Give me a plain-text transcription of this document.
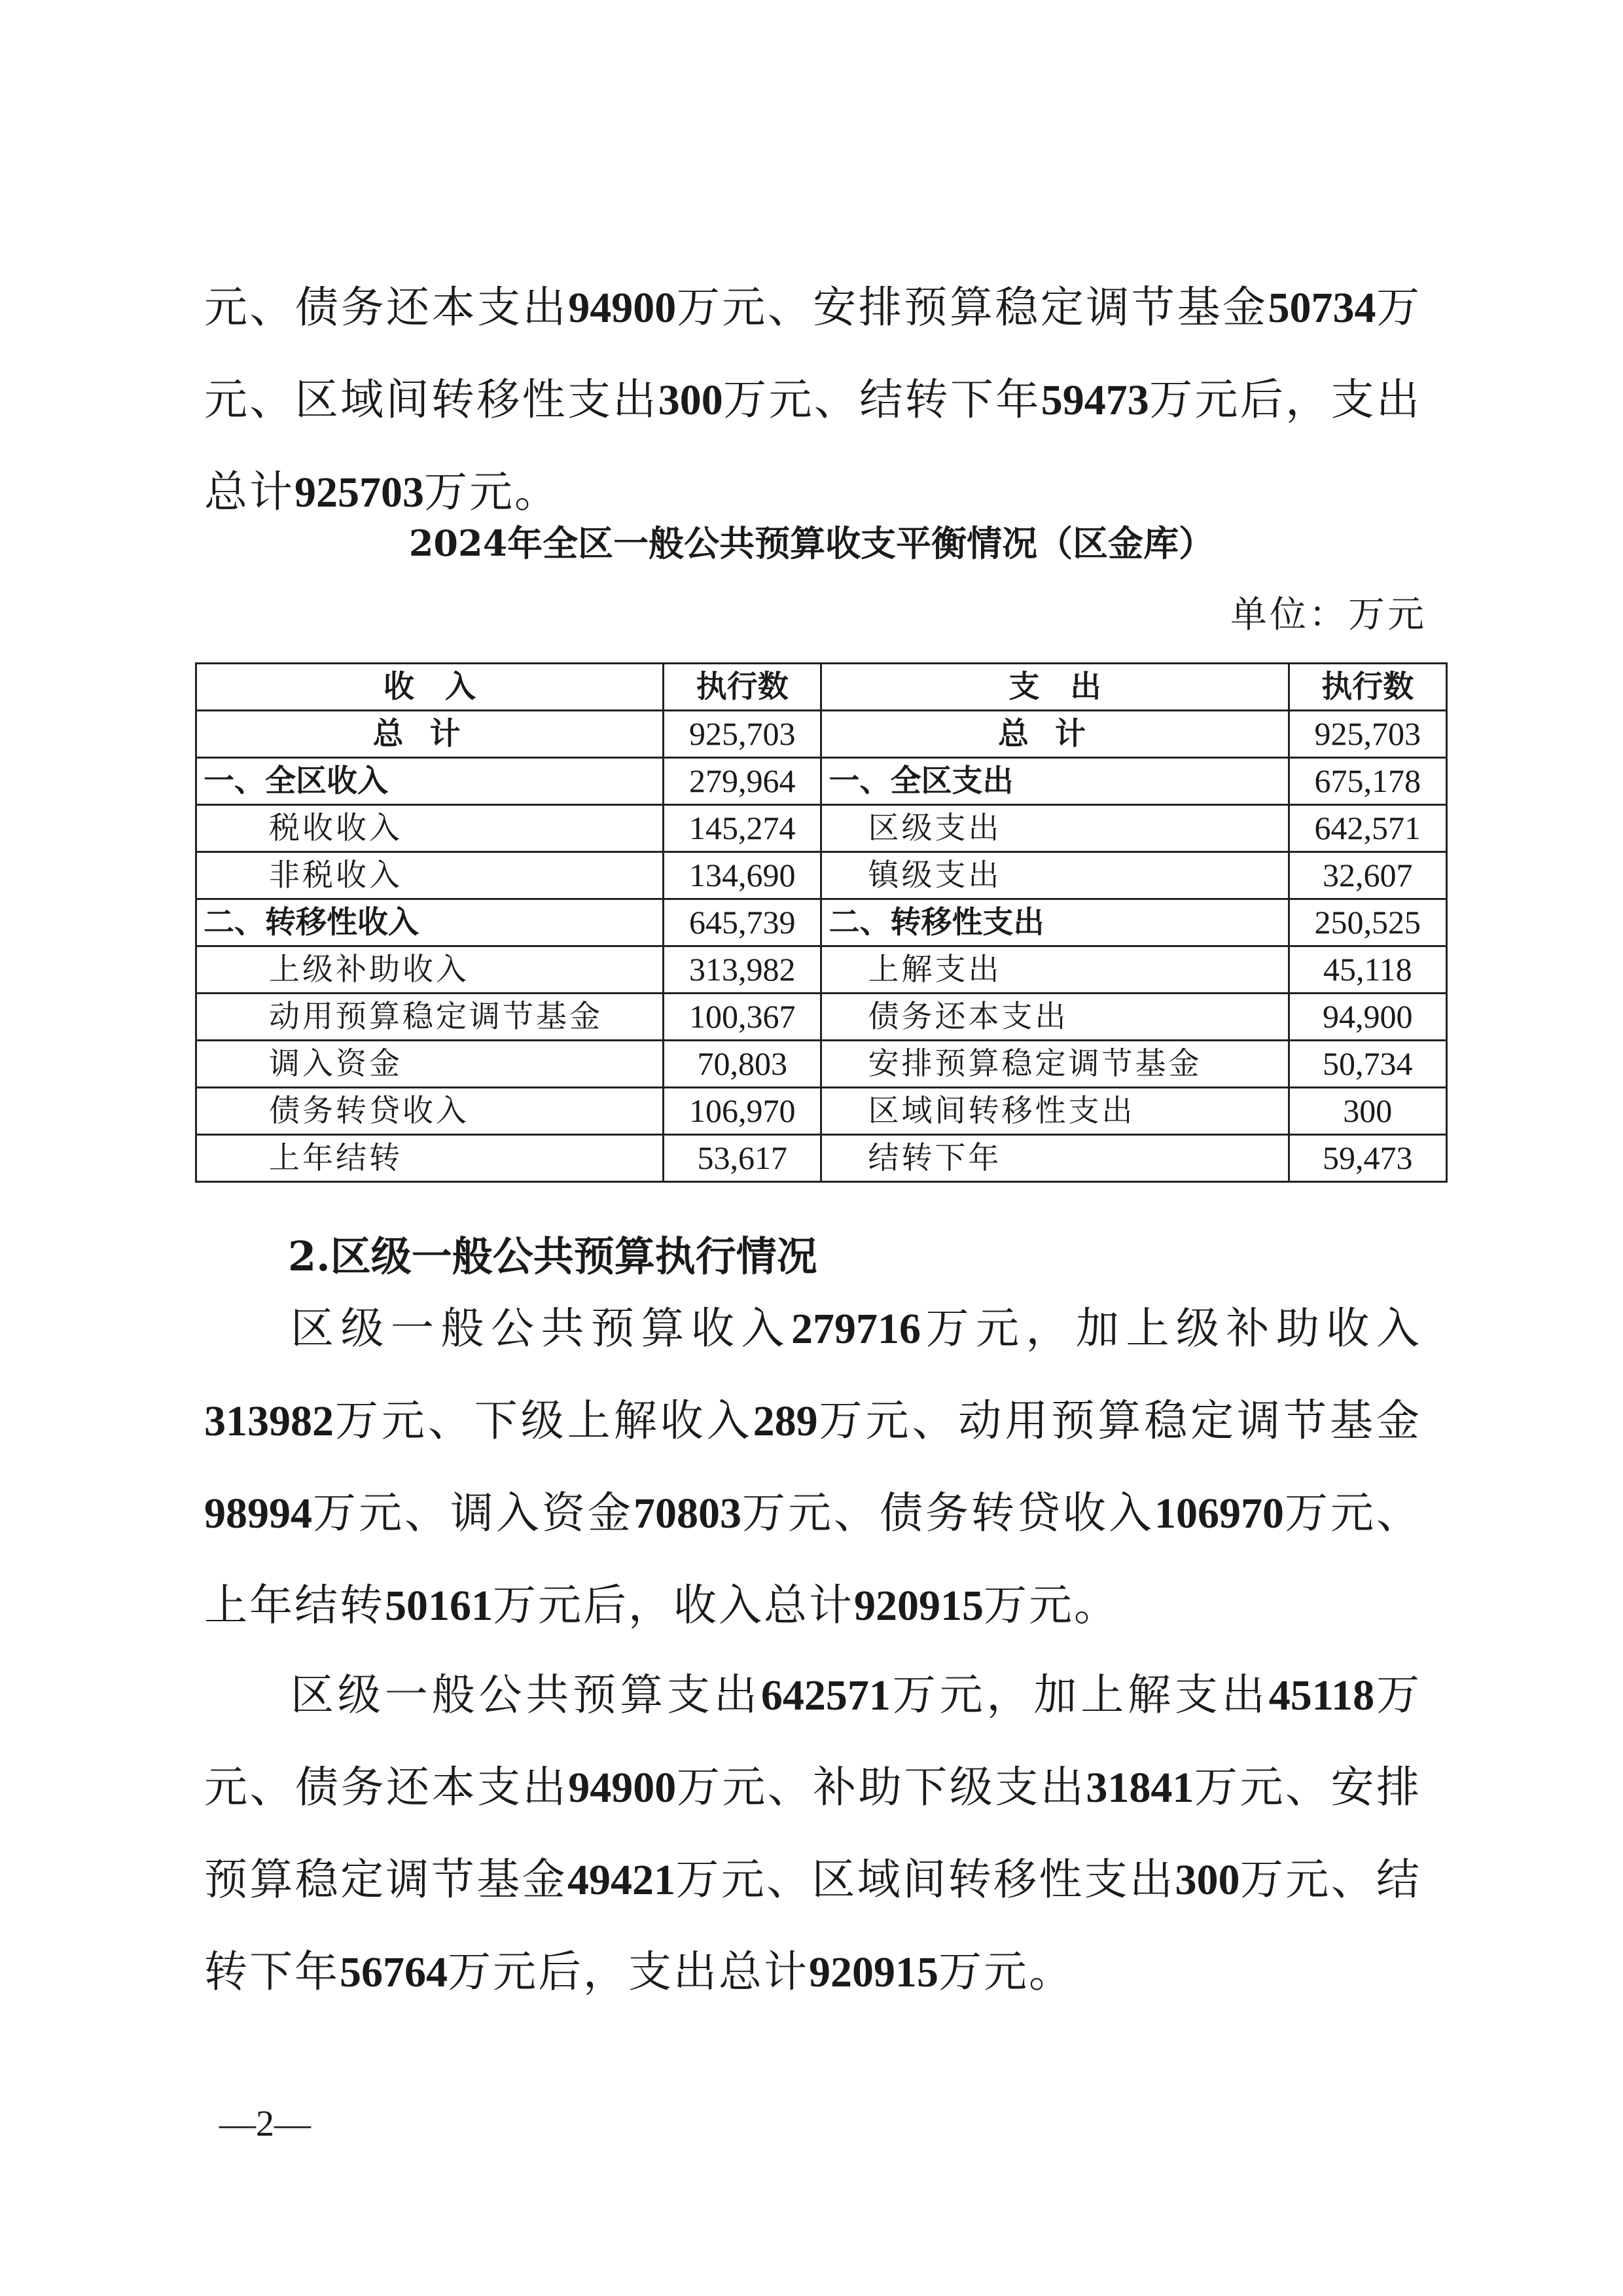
元、债务还本支出94900万元、安排预算稳定调节基金50734万元、区域间转移性支出300万元、结转下年59473万元后，支出总计925703万元。

2024年全区一般公共预算收支平衡情况（区金库）
单位：万元
收　入	执行数	支　出	执行数
总计	925,703	总计	925,703
一、全区收入	279,964	一、全区支出	675,178
税收收入	145,274	区级支出	642,571
非税收入	134,690	镇级支出	32,607
二、转移性收入	645,739	二、转移性支出	250,525
上级补助收入	313,982	上解支出	45,118
动用预算稳定调节基金	100,367	债务还本支出	94,900
调入资金	70,803	安排预算稳定调节基金	50,734
债务转贷收入	106,970	区域间转移性支出	300
上年结转	53,617	结转下年	59,473
2.区级一般公共预算执行情况

区级一般公共预算收入279716万元，加上级补助收入313982万元、下级上解收入289万元、动用预算稳定调节基金98994万元、调入资金70803万元、债务转贷收入106970万元、上年结转50161万元后，收入总计920915万元。

区级一般公共预算支出642571万元，加上解支出45118万元、债务还本支出94900万元、补助下级支出31841万元、安排预算稳定调节基金49421万元、区域间转移性支出300万元、结转下年56764万元后，支出总计920915万元。

—2—
